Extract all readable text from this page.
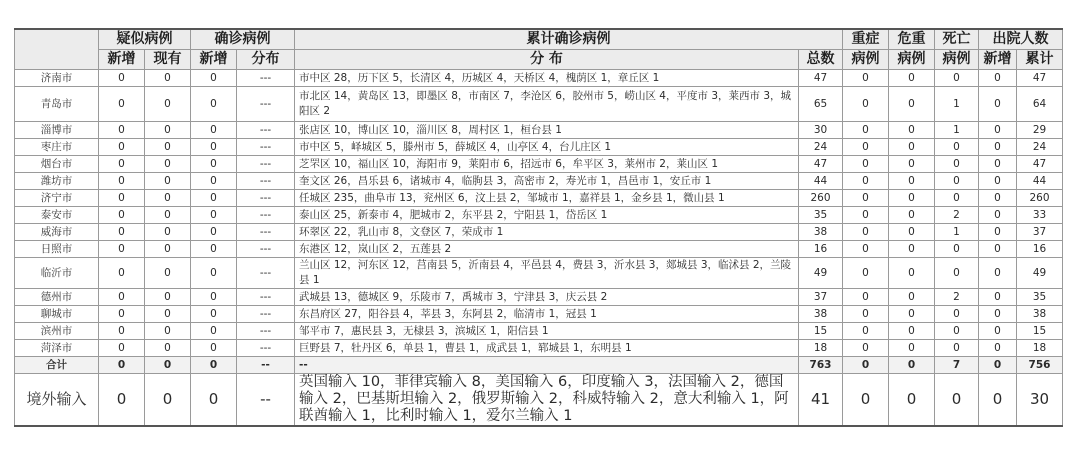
	疑似病例		确诊病例		累计确诊病例		重症	危重	死亡	出院人数	
	新增	现有	新增	分布	分 布	总数	病例	病例	病例	新增	累计
济南市	0	0	0	---	市中区 28，历下区 5，长清区 4，历城区 4，天桥区 4，槐荫区 1，章丘区 1	47	0	0	0	0	47
青岛市	0	0	0	---	市北区 14，黄岛区 13，即墨区 8，市南区 7，李沧区 6，胶州市 5，崂山区 4，平度市 3，莱西市 3，城阳区 2	65	0	0	1	0	64
淄博市	0	0	0	---	张店区 10，博山区 10，淄川区 8，周村区 1，桓台县 1	30	0	0	1	0	29
枣庄市	0	0	0	---	市中区 5，峄城区 5，滕州市 5，薛城区 4，山亭区 4，台儿庄区 1	24	0	0	0	0	24
烟台市	0	0	0	---	芝罘区 10，福山区 10，海阳市 9，莱阳市 6，招远市 6，牟平区 3，莱州市 2，莱山区 1	47	0	0	0	0	47
潍坊市	0	0	0	---	奎文区 26，昌乐县 6，诸城市 4，临朐县 3，高密市 2，寿光市 1，昌邑市 1，安丘市 1	44	0	0	0	0	44
济宁市	0	0	0	---	任城区 235，曲阜市 13，兖州区 6，汶上县 2，邹城市 1，嘉祥县 1，金乡县 1，微山县 1	260	0	0	0	0	260
泰安市	0	0	0	---	泰山区 25，新泰市 4，肥城市 2，东平县 2，宁阳县 1，岱岳区 1	35	0	0	2	0	33
威海市	0	0	0	---	环翠区 22，乳山市 8，文登区 7，荣成市 1	38	0	0	1	0	37
日照市	0	0	0	---	东港区 12，岚山区 2，五莲县 2	16	0	0	0	0	16
临沂市	0	0	0	---	兰山区 12，河东区 12，莒南县 5，沂南县 4，平邑县 4，费县 3，沂水县 3，郯城县 3，临沭县 2，兰陵县 1	49	0	0	0	0	49
德州市	0	0	0	---	武城县 13，德城区 9，乐陵市 7，禹城市 3，宁津县 3，庆云县 2	37	0	0	2	0	35
聊城市	0	0	0	---	东昌府区 27，阳谷县 4，莘县 3，东阿县 2，临清市 1，冠县 1	38	0	0	0	0	38
滨州市	0	0	0	---	邹平市 7，惠民县 3，无棣县 3，滨城区 1，阳信县 1	15	0	0	0	0	15
菏泽市	0	0	0	---	巨野县 7，牡丹区 6，单县 1，曹县 1，成武县 1，郓城县 1，东明县 1	18	0	0	0	0	18
合计	0	0	0	--	--	763	0	0	7	0	756
境外输入	0	0	0	--	英国输入 10，菲律宾输入 8，美国输入 6，印度输入 3，法国输入 2，德国输入 2，巴基斯坦输入 2，俄罗斯输入 2，科威特输入 2，意大利输入 1，阿联酋输入 1，比利时输入 1，爱尔兰输入 1	41	0	0	0	0	30
